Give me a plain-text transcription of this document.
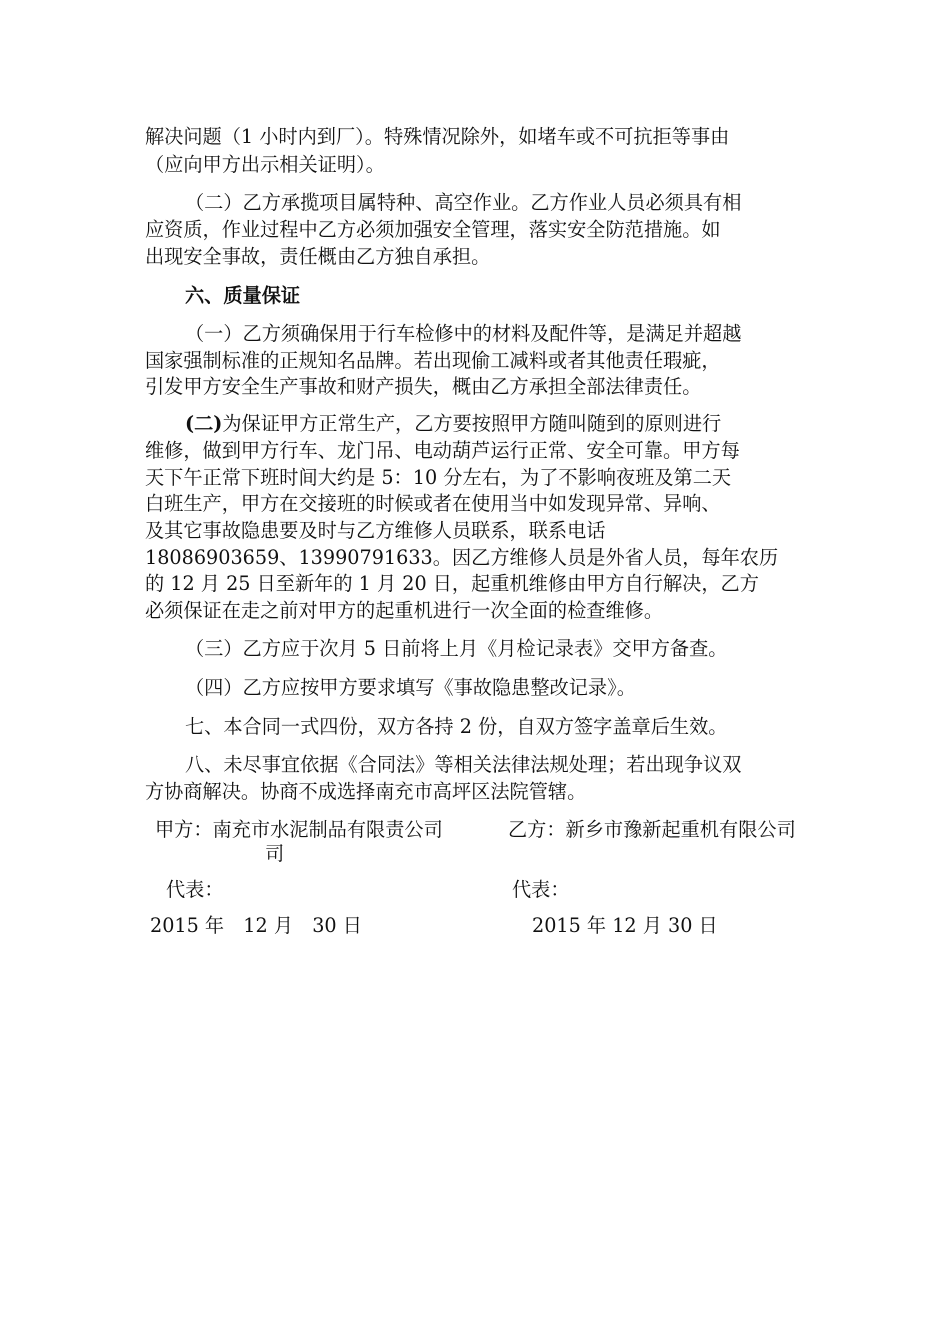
解决问题（1 小时内到厂）。特殊情况除外，如堵车或不可抗拒等事由
（应向甲方出示相关证明）。
（二）乙方承揽项目属特种、高空作业。乙方作业人员必须具有相
应资质，作业过程中乙方必须加强安全管理，落实安全防范措施。如
出现安全事故，责任概由乙方独自承担。
六、质量保证
（一）乙方须确保用于行车检修中的材料及配件等，是满足并超越
国家强制标准的正规知名品牌。若出现偷工减料或者其他责任瑕疵，
引发甲方安全生产事故和财产损失，概由乙方承担全部法律责任。
(二)为保证甲方正常生产，乙方要按照甲方随叫随到的原则进行
维修，做到甲方行车、龙门吊、电动葫芦运行正常、安全可靠。甲方每
天下午正常下班时间大约是 5：10 分左右，为了不影响夜班及第二天
白班生产，甲方在交接班的时候或者在使用当中如发现异常、异响、
及其它事故隐患要及时与乙方维修人员联系，联系电话
18086903659、13990791633。因乙方维修人员是外省人员，每年农历
的 12 月 25 日至新年的 1 月 20 日，起重机维修由甲方自行解决，乙方
必须保证在走之前对甲方的起重机进行一次全面的检查维修。
（三）乙方应于次月 5 日前将上月《月检记录表》交甲方备查。
（四）乙方应按甲方要求填写《事故隐患整改记录》。
七、本合同一式四份，双方各持 2 份，自双方签字盖章后生效。
八、未尽事宜依据《合同法》等相关法律法规处理；若出现争议双
方协商解决。协商不成选择南充市高坪区法院管辖。
甲方：南充市水泥制品有限责公司
司
乙方：新乡市豫新起重机有限公司
代表：	代表：
2015 年　12 月　30 日	2015 年 12 月 30 日
